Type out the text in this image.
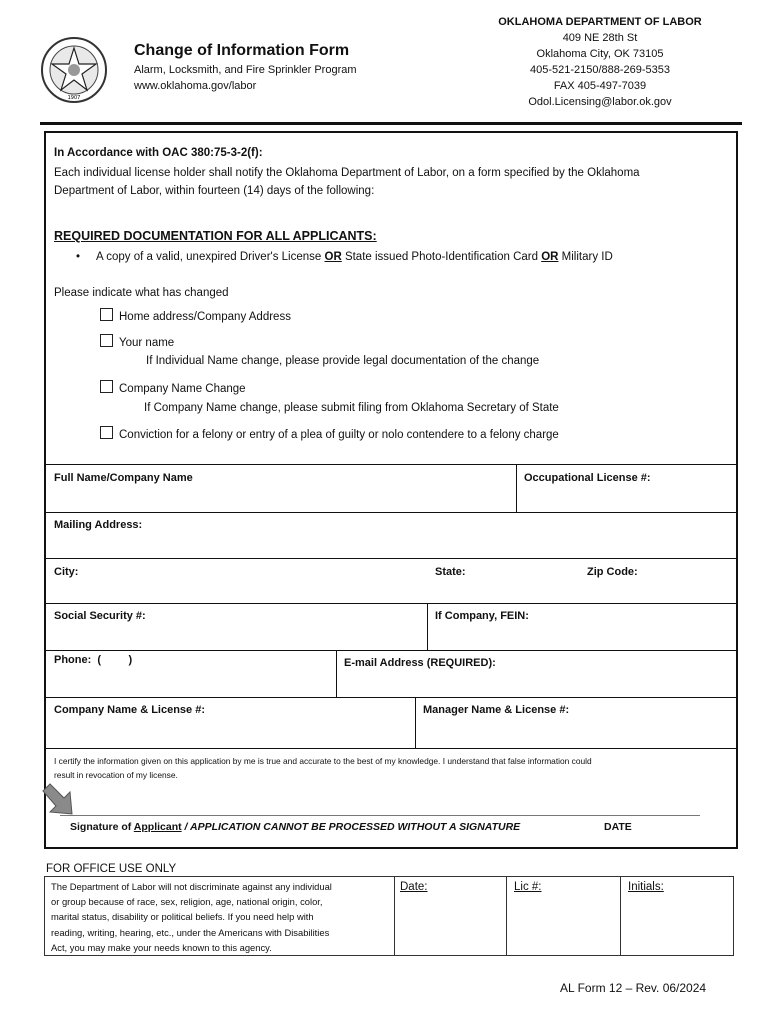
1907
Change of Information Form
Alarm, Locksmith, and Fire Sprinkler Program
www.oklahoma.gov/labor
OKLAHOMA DEPARTMENT OF LABOR
409 NE 28th St
Oklahoma City, OK 73105
405-521-2150/888-269-5353
FAX 405-497-7039
Odol.Licensing@labor.ok.gov
In Accordance with OAC 380:75-3-2(f):
Each individual license holder shall notify the Oklahoma Department of Labor, on a form specified by the Oklahoma
Department of Labor, within fourteen (14) days of the following:
REQUIRED DOCUMENTATION FOR ALL APPLICANTS:
• A copy of a valid, unexpired Driver's License OR State issued Photo-Identification Card OR Military ID
Please indicate what has changed
Home address/Company Address
Your name
If Individual Name change, please provide legal documentation of the change
Company Name Change
If Company Name change, please submit filing from Oklahoma Secretary of State
Conviction for a felony or entry of a plea of guilty or nolo contendere to a felony charge
Full Name/Company Name	Occupational License #:
Mailing Address:
City:	State:	Zip Code:
Social Security #:	If Company, FEIN:
Phone:  (         )	E-mail Address (REQUIRED):
Company Name & License #:	Manager Name & License #:
I certify the information given on this application by me is true and accurate to the best of my knowledge. I understand that false information could
result in revocation of my license.
Signature of Applicant / APPLICATION CANNOT BE PROCESSED WITHOUT A SIGNATURE	DATE
FOR OFFICE USE ONLY
The Department of Labor will not discriminate against any individual
or group because of race, sex, religion, age, national origin, color,
marital status, disability or political beliefs. If you need help with
reading, writing, hearing, etc., under the Americans with Disabilities
Act, you may make your needs known to this agency.
Date:	Lic #:	Initials:
AL Form 12 – Rev. 06/2024
